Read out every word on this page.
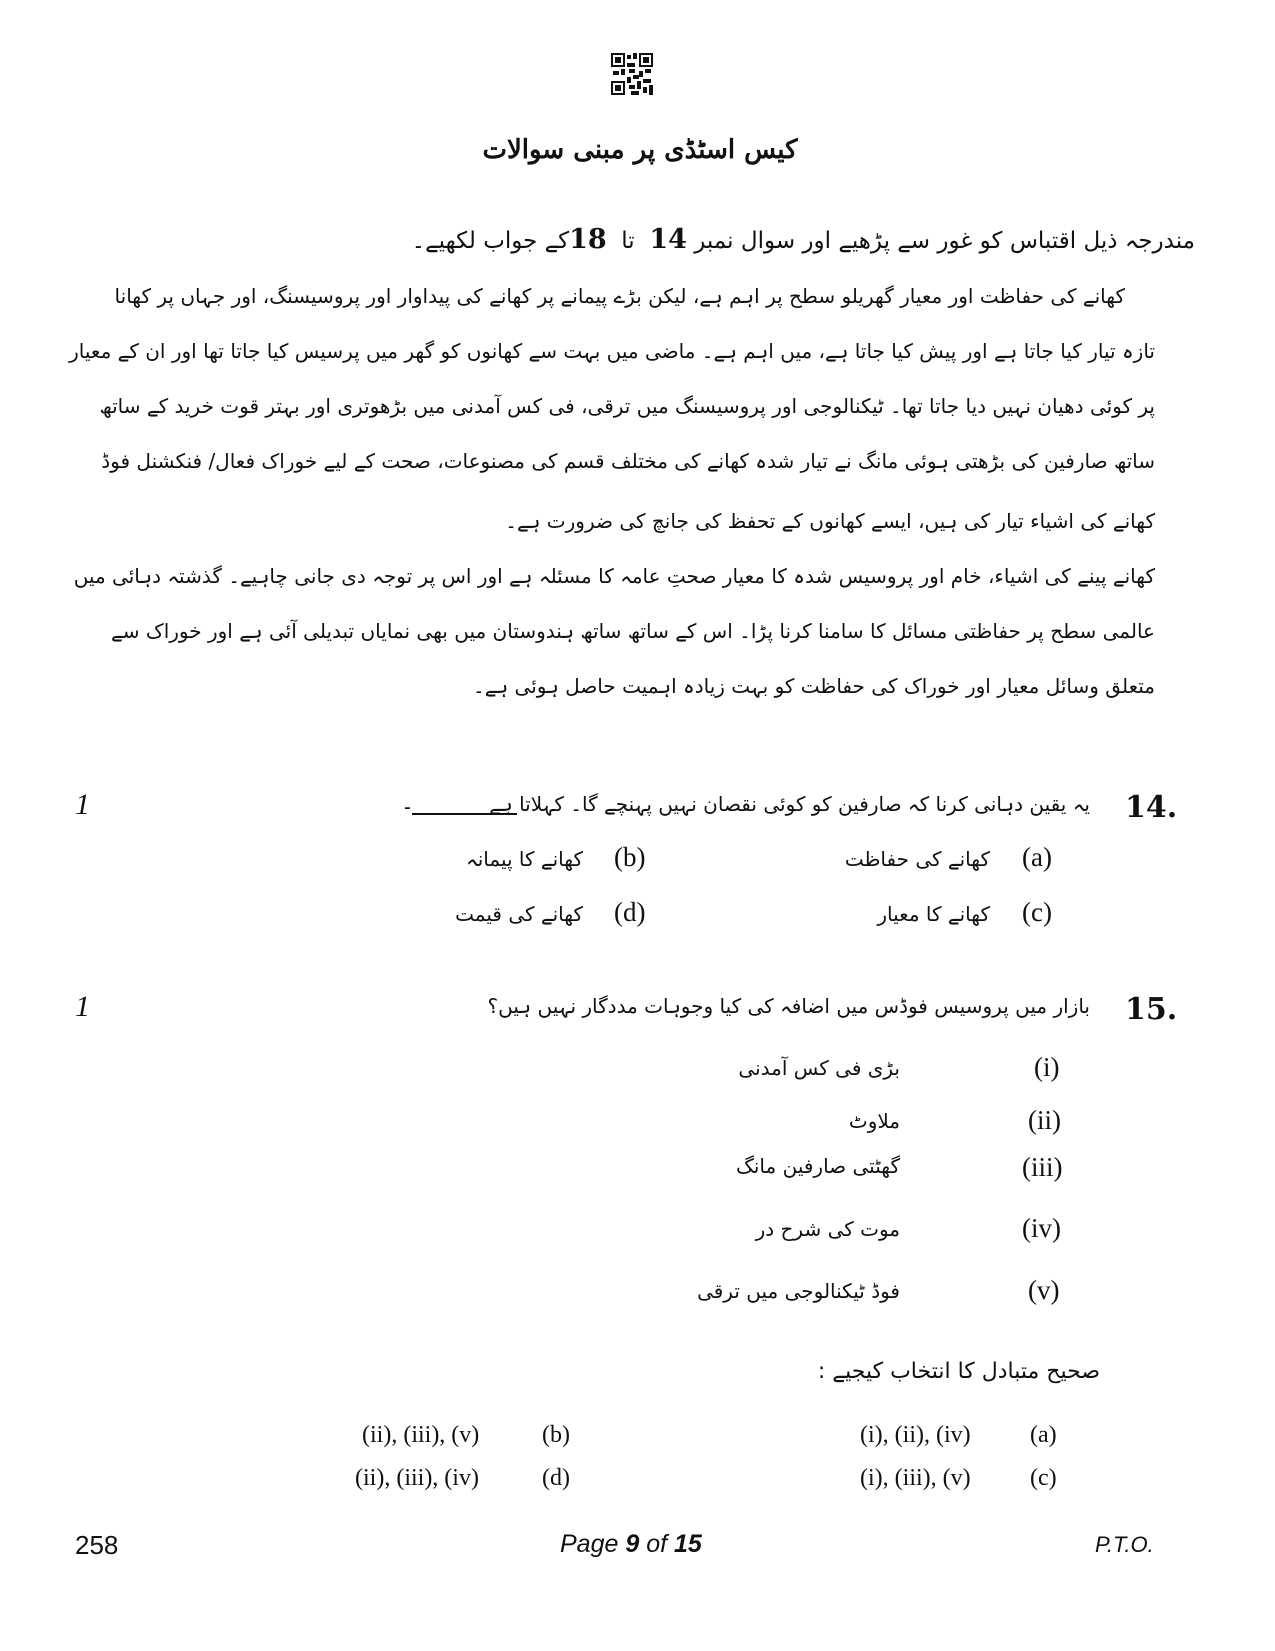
کیس اسٹڈی پر مبنی سوالات
مندرجہ ذیل اقتباس کو غور سے پڑھیے اور سوال نمبر 14  تا  18کے جواب لکھیے۔
کھانے کی حفاظت اور معیار گھریلو سطح پر اہم ہے، لیکن بڑے پیمانے پر کھانے کی پیداوار اور پروسیسنگ، اور جہاں پر کھانا
تازہ تیار کیا جاتا ہے اور پیش کیا جاتا ہے، میں اہم ہے۔ ماضی میں بہت سے کھانوں کو گھر میں پرسیس کیا جاتا تھا اور ان کے معیار
پر کوئی دھیان نہیں دیا جاتا تھا۔ ٹیکنالوجی اور پروسیسنگ میں ترقی، فی کس آمدنی میں بڑھوتری اور بہتر قوت خرید کے ساتھ
ساتھ صارفین کی بڑھتی ہوئی مانگ نے تیار شدہ کھانے کی مختلف قسم کی مصنوعات، صحت کے لیے خوراک فعال/ فنکشنل فوڈ
کھانے کی اشیاء تیار کی ہیں، ایسے کھانوں کے تحفظ کی جانچ کی ضرورت ہے۔
کھانے پینے کی اشیاء، خام اور پروسیس شدہ کا معیار صحتِ عامہ کا مسئلہ ہے اور اس پر توجہ دی جانی چاہیے۔ گذشتہ دہائی میں
عالمی سطح پر حفاظتی مسائل کا سامنا کرنا پڑا۔ اس کے ساتھ ساتھ ہندوستان میں بھی نمایاں تبدیلی آئی ہے اور خوراک سے
متعلق وسائل معیار اور خوراک کی حفاظت کو بہت زیادہ اہمیت حاصل ہوئی ہے۔
14.
1	یہ یقین دہانی کرنا کہ صارفین کو کوئی نقصان نہیں پہنچے گا۔ کہلاتا ہے
۔
(a)
کھانے کی حفاظت
(b)
کھانے کا پیمانہ
(c)
کھانے کا معیار
(d)
کھانے کی قیمت
15.
1	بازار میں پروسیس فوڈس میں اضافہ کی کیا وجوہات مددگار نہیں ہیں؟
(i)
بڑی فی کس آمدنی
(ii)
ملاوٹ
(iii)
گھٹتی صارفین مانگ
(iv)
موت کی شرح در
(v)
فوڈ ٹیکنالوجی میں ترقی
صحیح متبادل کا انتخاب کیجیے :
(a)
(i), (ii), (iv)
(b)
(ii), (iii), (v)
(c)
(i), (iii), (v)
(d)
(ii), (iii), (iv)
258	Page 9 of 15	P.T.O.
